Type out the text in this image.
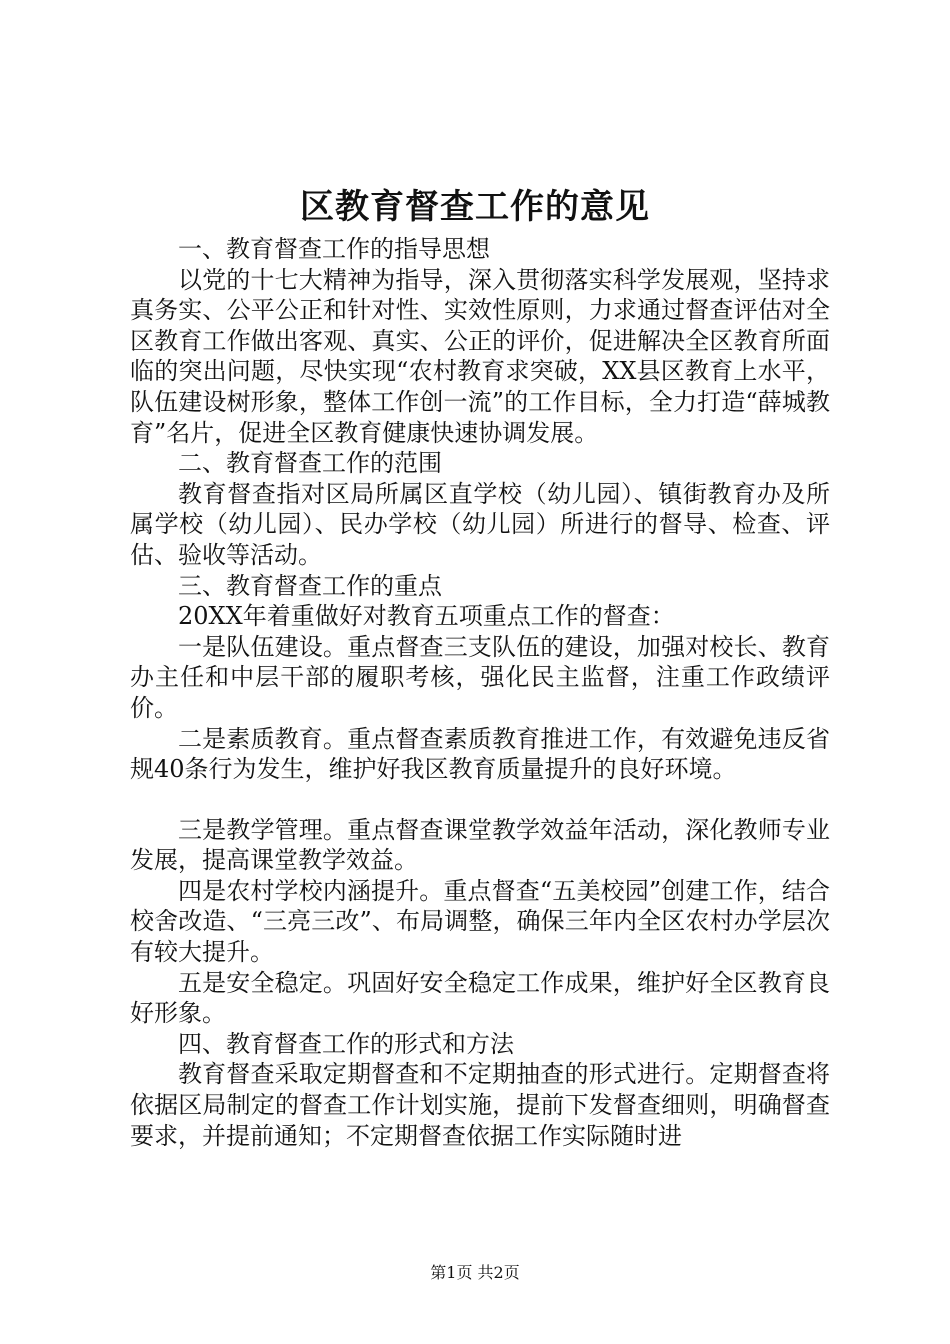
区教育督查工作的意见

一、教育督查工作的指导思想

以党的十七大精神为指导，深入贯彻落实科学发展观，坚持求真务实、公平公正和针对性、实效性原则，力求通过督查评估对全区教育工作做出客观、真实、公正的评价，促进解决全区教育所面临的突出问题，尽快实现“农村教育求突破，XX县区教育上水平，队伍建设树形象，整体工作创一流”的工作目标，全力打造“薛城教育”名片，促进全区教育健康快速协调发展。

二、教育督查工作的范围

教育督查指对区局所属区直学校（幼儿园）、镇街教育办及所属学校（幼儿园）、民办学校（幼儿园）所进行的督导、检查、评估、验收等活动。

三、教育督查工作的重点

20XX年着重做好对教育五项重点工作的督查：

一是队伍建设。重点督查三支队伍的建设，加强对校长、教育办主任和中层干部的履职考核，强化民主监督，注重工作政绩评价。

二是素质教育。重点督查素质教育推进工作，有效避免违反省规40条行为发生，维护好我区教育质量提升的良好环境。

三是教学管理。重点督查课堂教学效益年活动，深化教师专业发展，提高课堂教学效益。

四是农村学校内涵提升。重点督查“五美校园”创建工作，结合校舍改造、“三亮三改”、布局调整，确保三年内全区农村办学层次有较大提升。

五是安全稳定。巩固好安全稳定工作成果，维护好全区教育良好形象。

四、教育督查工作的形式和方法

教育督查采取定期督查和不定期抽查的形式进行。定期督查将依据区局制定的督查工作计划实施，提前下发督查细则，明确督查要求，并提前通知；不定期督查依据工作实际随时进

第1页 共2页
